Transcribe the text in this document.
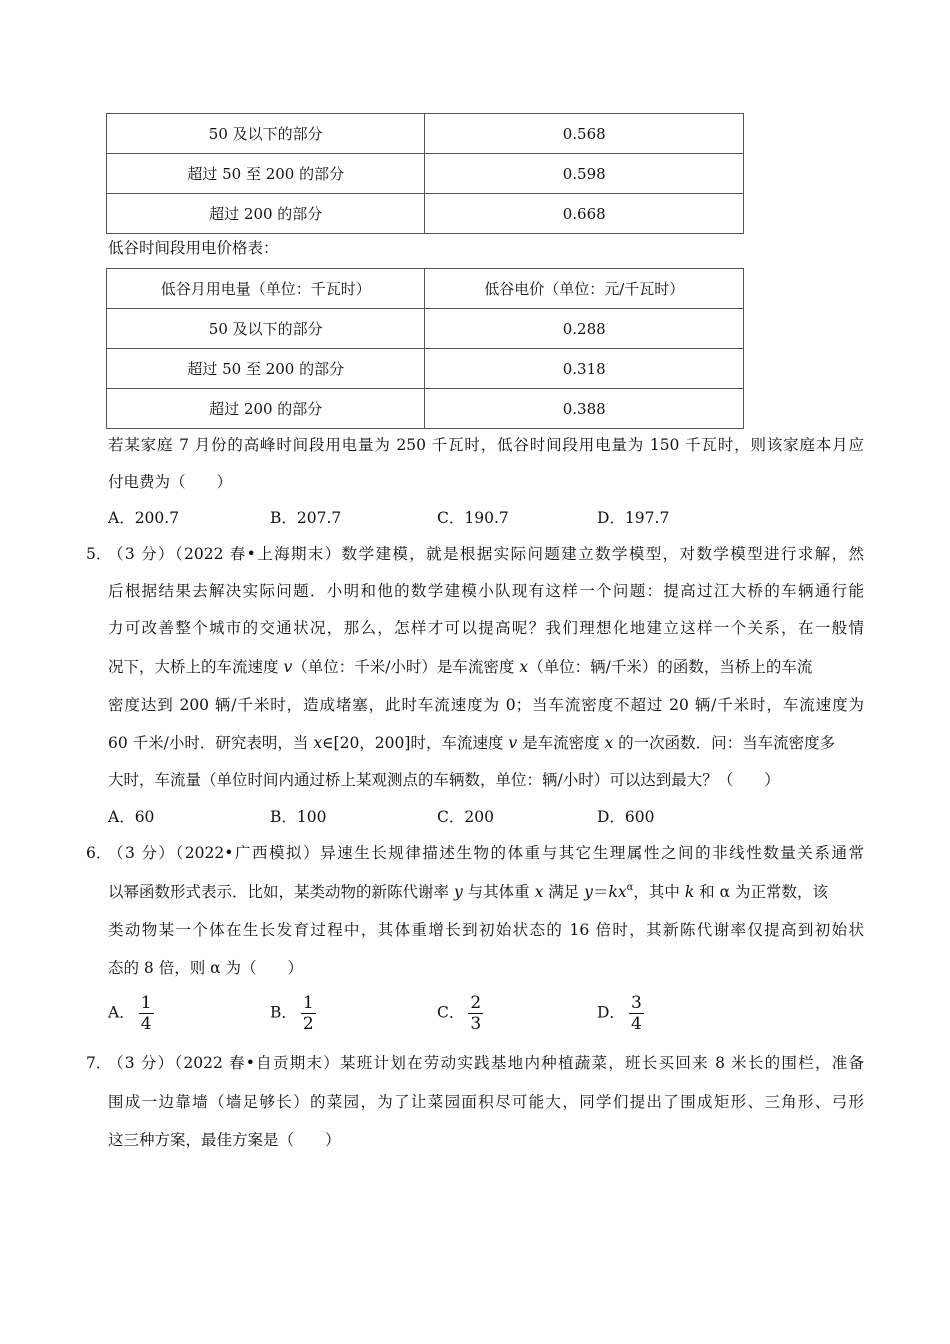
50 及以下的部分	0.568
超过 50 至 200 的部分	0.598
超过 200 的部分	0.668
低谷时间段用电价格表：
低谷月用电量（单位：千瓦时）	低谷电价（单位：元/千瓦时）
50 及以下的部分	0.288
超过 50 至 200 的部分	0.318
超过 200 的部分	0.388
若某家庭 7 月份的高峰时间段用电量为 250 千瓦时，低谷时间段用电量为 150 千瓦时，则该家庭本月应
付电费为（　　）
A．200.7	B．207.7	C．190.7	D．197.7
5．
（3 分）（2022 春•上海期末）数学建模，就是根据实际问题建立数学模型，对数学模型进行求解，然
后根据结果去解决实际问题．小明和他的数学建模小队现有这样一个问题：提高过江大桥的车辆通行能
力可改善整个城市的交通状况，那么，怎样才可以提高呢？我们理想化地建立这样一个关系，在一般情
况下，大桥上的车流速度 v（单位：千米/小时）是车流密度 x（单位：辆/千米）的函数，当桥上的车流
密度达到 200 辆/千米时，造成堵塞，此时车流速度为 0；当车流密度不超过 20 辆/千米时，车流速度为
60 千米/小时．研究表明，当 x∈[20，200]时，车流速度 v 是车流密度 x 的一次函数．问：当车流密度多
大时，车流量（单位时间内通过桥上某观测点的车辆数，单位：辆/小时）可以达到最大？（　　）
A．60	B．100	C．200	D．600
6．
（3 分）（2022•广西模拟）异速生长规律描述生物的体重与其它生理属性之间的非线性数量关系通常
以幂函数形式表示．比如，某类动物的新陈代谢率 y 与其体重 x 满足 $y=kx^\alpha$，其中 k 和 α 为正常数，该
类动物某一个体在生长发育过程中，其体重增长到初始状态的 16 倍时，其新陈代谢率仅提高到初始状
态的 8 倍，则 α 为（　　）
A． $\frac{1}{4}$	B． $\frac{1}{2}$	C． $\frac{2}{3}$	D． $\frac{3}{4}$
7．
（3 分）（2022 春•自贡期末）某班计划在劳动实践基地内种植蔬菜，班长买回来 8 米长的围栏，准备
围成一边靠墙（墙足够长）的菜园，为了让菜园面积尽可能大，同学们提出了围成矩形、三角形、弓形
这三种方案，最佳方案是（　　）
